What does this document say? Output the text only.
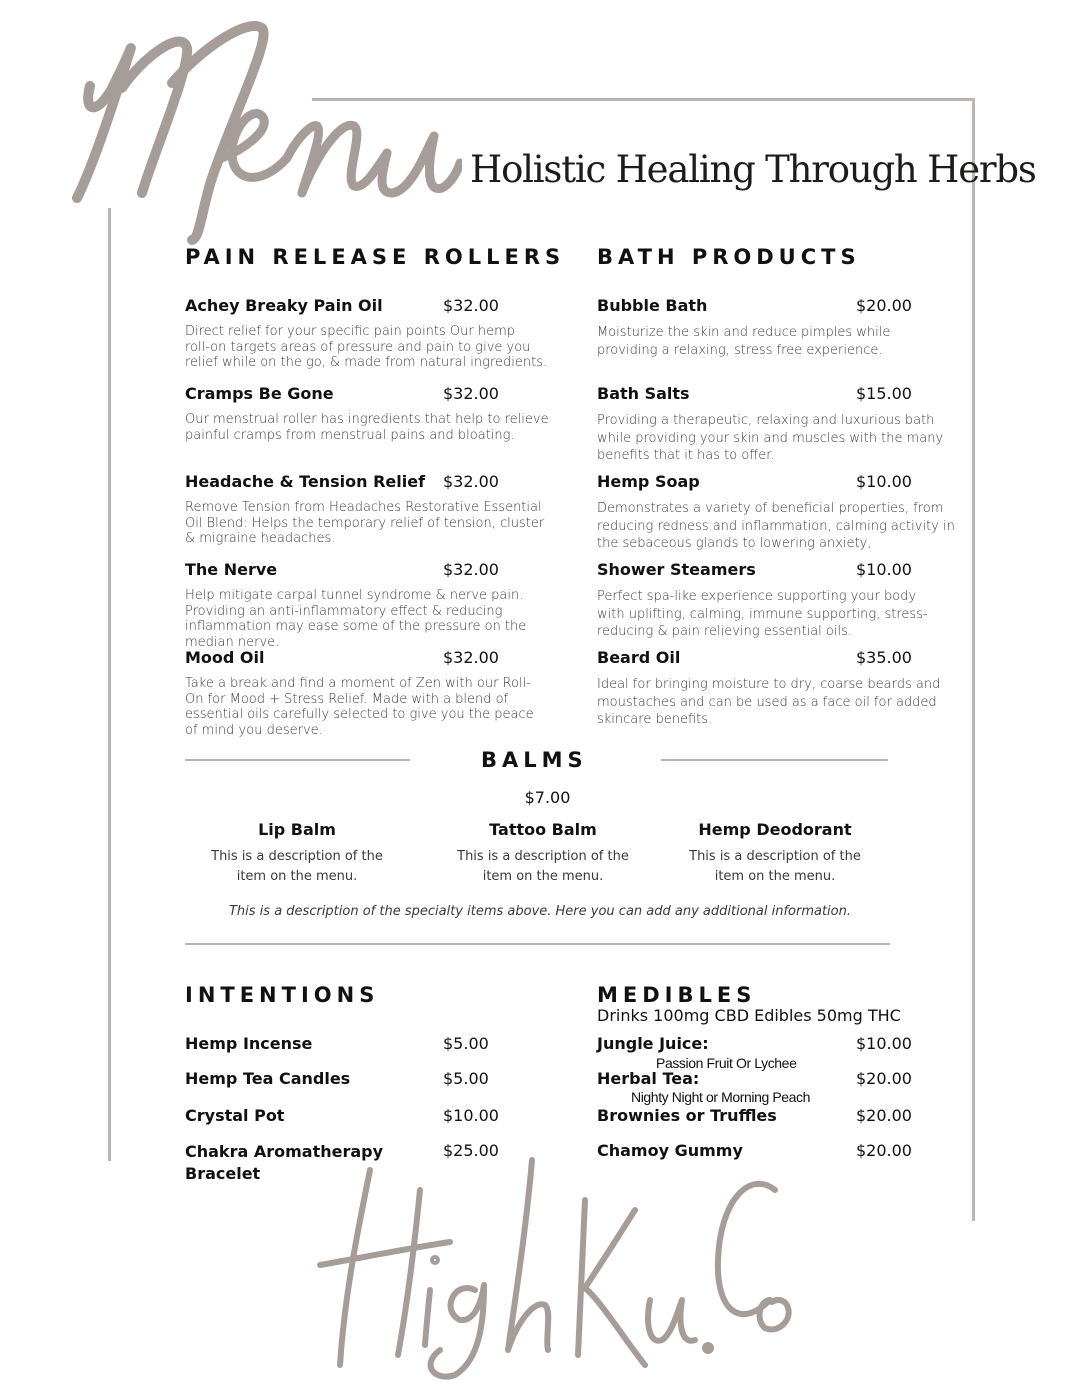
Holistic Healing Through Herbs
PAIN RELEASE ROLLERS
Achey Breaky Pain Oil	$32.00
Direct relief for your specific pain points Our hemp
roll-on targets areas of pressure and pain to give you
relief while on the go, & made from natural ingredients.
Cramps Be Gone	$32.00
Our menstrual roller has ingredients that help to relieve
painful cramps from menstrual pains and bloating.
Headache & Tension Relief $32.00
Remove Tension from Headaches Restorative Essential
Oil Blend: Helps the temporary relief of tension, cluster
& migraine headaches.
The Nerve	$32.00
Help mitigate carpal tunnel syndrome & nerve pain.
Providing an anti-inflammatory effect & reducing
inflammation may ease some of the pressure on the
median nerve.
Mood Oil	$32.00
Take a break and find a moment of Zen with our Roll-
On for Mood + Stress Relief. Made with a blend of
essential oils carefully selected to give you the peace
of mind you deserve.
BATH PRODUCTS
Bubble Bath	$20.00
Moisturize the skin and reduce pimples while
providing a relaxing, stress free experience.
Bath Salts	$15.00
Providing a therapeutic, relaxing and luxurious bath
while providing your skin and muscles with the many
benefits that it has to offer.
Hemp Soap	$10.00
Demonstrates a variety of beneficial properties, from
reducing redness and inflammation, calming activity in
the sebaceous glands to lowering anxiety,
Shower Steamers	$10.00
Perfect spa-like experience supporting your body
with uplifting, calming, immune supporting, stress-
reducing & pain relieving essential oils.
Beard Oil	$35.00
Ideal for bringing moisture to dry, coarse beards and
moustaches and can be used as a face oil for added
skincare benefits.
BALMS
$7.00
Lip Balm
This is a description of the
item on the menu.
Tattoo Balm
This is a description of the
item on the menu.
Hemp Deodorant
This is a description of the
item on the menu.
This is a description of the specialty items above. Here you can add any additional information.
INTENTIONS
Hemp Incense	$5.00
Hemp Tea Candles	$5.00
Crystal Pot	$10.00
Chakra Aromatherapy
Bracelet
$25.00
MEDIBLES
Drinks 100mg CBD Edibles 50mg THC
Jungle Juice:	$10.00
Passion Fruit Or Lychee
Herbal Tea:	$20.00
Nighty Night or Morning Peach
Brownies or Truffles	$20.00
Chamoy Gummy	$20.00
